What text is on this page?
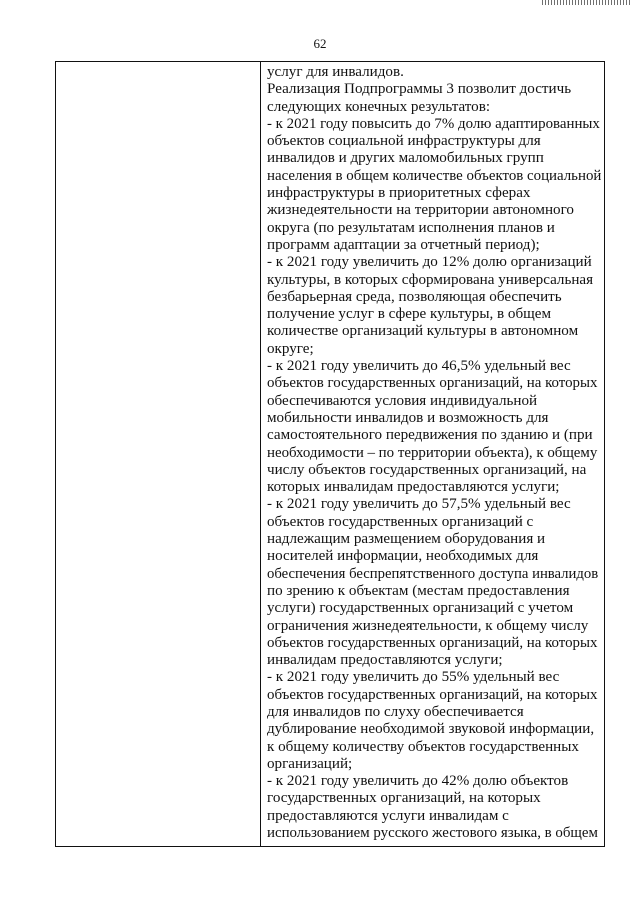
62
услуг для инвалидов.
Реализация Подпрограммы 3 позволит достичь
следующих конечных результатов:
- к 2021 году повысить до 7% долю адаптированных
объектов социальной инфраструктуры для
инвалидов и других маломобильных групп
населения в общем количестве объектов социальной
инфраструктуры в приоритетных сферах
жизнедеятельности на территории автономного
округа (по результатам исполнения планов и
программ адаптации за отчетный период);
- к 2021 году увеличить до 12% долю организаций
культуры, в которых сформирована универсальная
безбарьерная среда, позволяющая обеспечить
получение услуг в сфере культуры, в общем
количестве организаций культуры в автономном
округе;
- к 2021 году увеличить до 46,5% удельный вес
объектов государственных организаций, на которых
обеспечиваются условия индивидуальной
мобильности инвалидов и возможность для
самостоятельного передвижения по зданию и (при
необходимости – по территории объекта), к общему
числу объектов государственных организаций, на
которых инвалидам предоставляются услуги;
- к 2021 году увеличить до 57,5% удельный вес
объектов государственных организаций с
надлежащим размещением оборудования и
носителей информации, необходимых для
обеспечения беспрепятственного доступа инвалидов
по зрению к объектам (местам предоставления
услуги) государственных организаций с учетом
ограничения жизнедеятельности, к общему числу
объектов государственных организаций, на которых
инвалидам предоставляются услуги;
- к 2021 году увеличить до 55% удельный вес
объектов государственных организаций, на которых
для инвалидов по слуху обеспечивается
дублирование необходимой звуковой информации,
к общему количеству объектов государственных
организаций;
- к 2021 году увеличить до 42% долю объектов
государственных организаций, на которых
предоставляются услуги инвалидам с
использованием русского жестового языка, в общем
